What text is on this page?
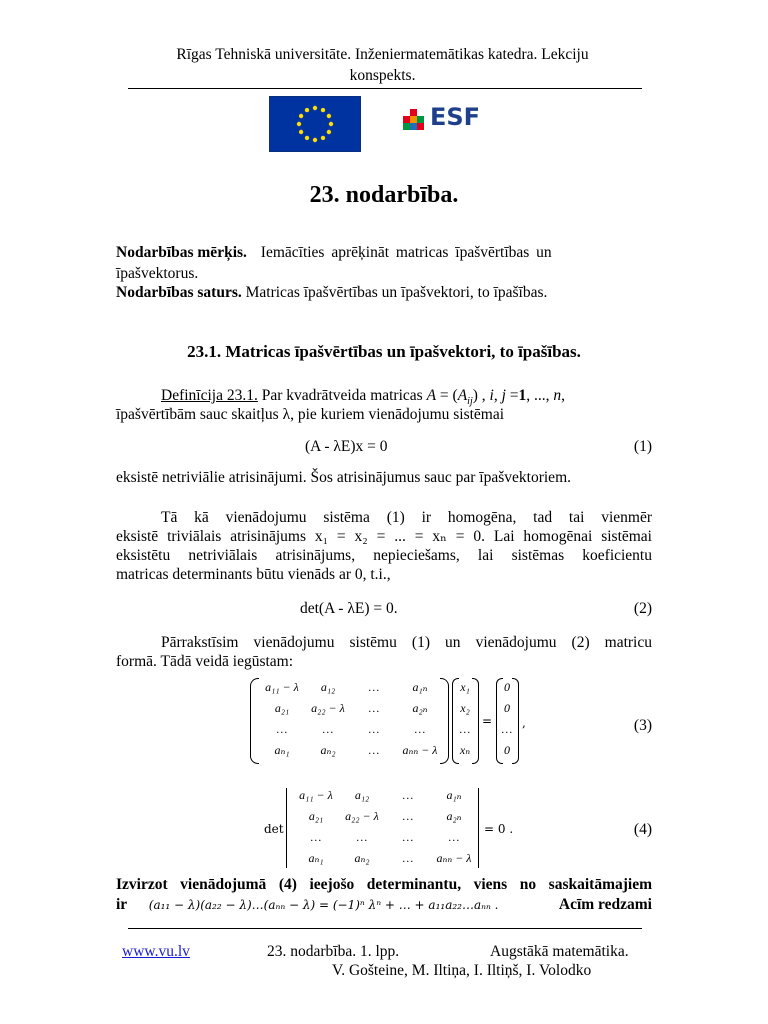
Rīgas Tehniskā universitāte. Inženiermatemātikas katedra. Lekciju
konspekts.
ESF
23. nodarbība.
Nodarbības mērķis. Iemācīties aprēķināt matricas īpašvērtības un
īpašvektorus.
Nodarbības saturs. Matricas īpašvērtības un īpašvektori, to īpašības.
23.1. Matricas īpašvērtības un īpašvektori, to īpašības.
Definīcija 23.1. Par kvadrātveida matricas $A = (A_{ij})$ , i, j =1, ..., n,
īpašvērtībām sauc skaitļus λ, pie kuriem vienādojumu sistēmai
(A - λE)x = 0	(1)
eksistē netriviālie atrisinājumi. Šos atrisinājumus sauc par īpašvektoriem.
Tā kā vienādojumu sistēma (1) ir homogēna, tad tai vienmēr
eksistē triviālais atrisinājums x₁ = x₂ = ... = xₙ = 0. Lai homogēnai sistēmai
eksistētu netriviālais atrisinājums, nepieciešams, lai sistēmas koeficientu
matricas determinants būtu vienāds ar 0, t.i.,
det(A - λE) = 0.	(2)
Pārrakstīsim vienādojumu sistēmu (1) un vienādojumu (2) matricu
formā. Tādā veidā iegūstam:
a₁₁ − λ	a₁₂	…	a₁ₙ
a₂₁	a₂₂ − λ	…	a₂ₙ
…	…	…	…
aₙ₁	aₙ₂	…	aₙₙ − λ
x₁
x₂
…
xₙ
=
0
0
…
0
,	(3)
det
a₁₁ − λ	a₁₂	…	a₁ₙ
a₂₁	a₂₂ − λ	…	a₂ₙ
…	…	…	…
aₙ₁	aₙ₂	…	aₙₙ − λ
= 0 .	(4)
Izvirzot vienādojumā (4) ieejošo determinantu, viens no saskaitāmajiem
ir (a₁₁ − λ)(a₂₂ − λ)…(aₙₙ − λ) = (−1)ⁿ λⁿ + … + a₁₁a₂₂…aₙₙ .	Acīm redzami
www.vu.lv	23. nodarbība. 1. lpp.	Augstākā matemātika.
V. Gošteine, M. Iltiņa, I. Iltiņš, I. Volodko
